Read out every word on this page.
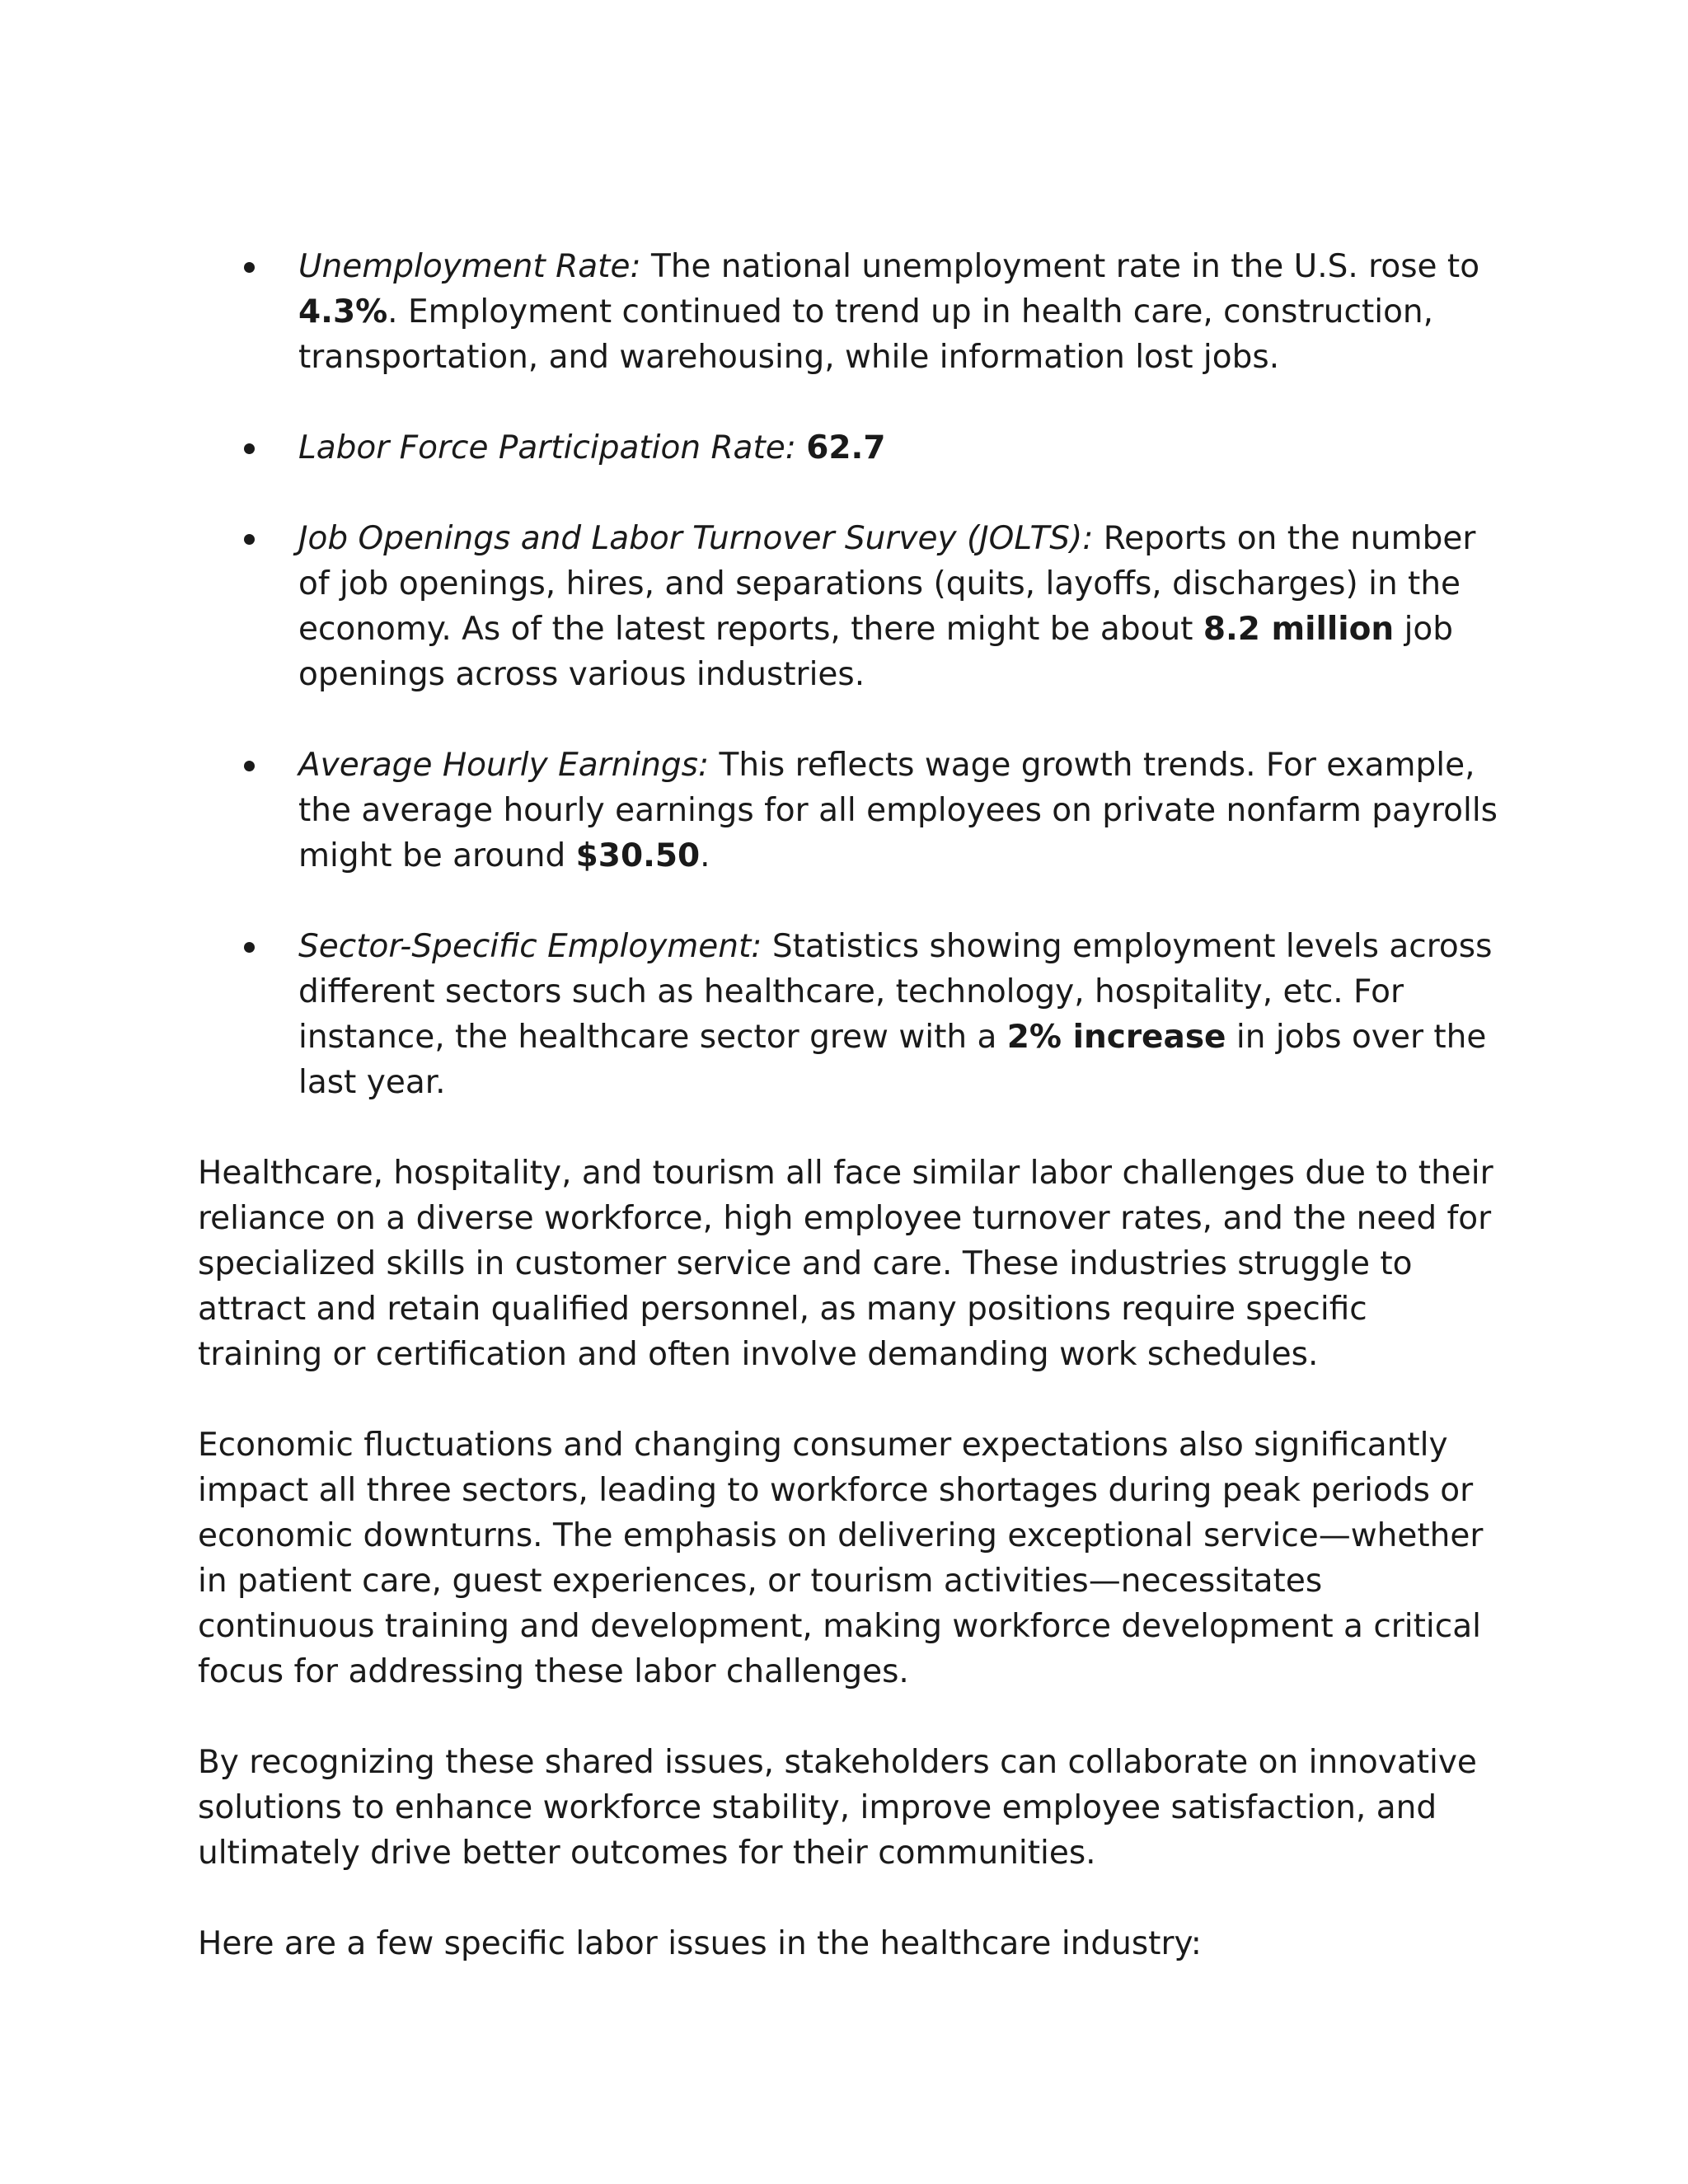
Unemployment Rate: The national unemployment rate in the U.S. rose to 4.3%. Employment continued to trend up in health care, construction, transportation, and warehousing, while information lost jobs.
Labor Force Participation Rate: 62.7
Job Openings and Labor Turnover Survey (JOLTS): Reports on the number of job openings, hires, and separations (quits, layoffs, discharges) in the economy. As of the latest reports, there might be about 8.2 million job openings across various industries.
Average Hourly Earnings: This reflects wage growth trends. For example, the average hourly earnings for all employees on private nonfarm payrolls might be around $30.50.
Sector-Specific Employment: Statistics showing employment levels across different sectors such as healthcare, technology, hospitality, etc. For instance, the healthcare sector grew with a 2% increase in jobs over the last year.

Healthcare, hospitality, and tourism all face similar labor challenges due to their reliance on a diverse workforce, high employee turnover rates, and the need for specialized skills in customer service and care. These industries struggle to attract and retain qualified personnel, as many positions require specific training or certification and often involve demanding work schedules.

Economic fluctuations and changing consumer expectations also significantly impact all three sectors, leading to workforce shortages during peak periods or economic downturns. The emphasis on delivering exceptional service—whether in patient care, guest experiences, or tourism activities—necessitates continuous training and development, making workforce development a critical focus for addressing these labor challenges.

By recognizing these shared issues, stakeholders can collaborate on innovative solutions to enhance workforce stability, improve employee satisfaction, and ultimately drive better outcomes for their communities.

Here are a few specific labor issues in the healthcare industry:
